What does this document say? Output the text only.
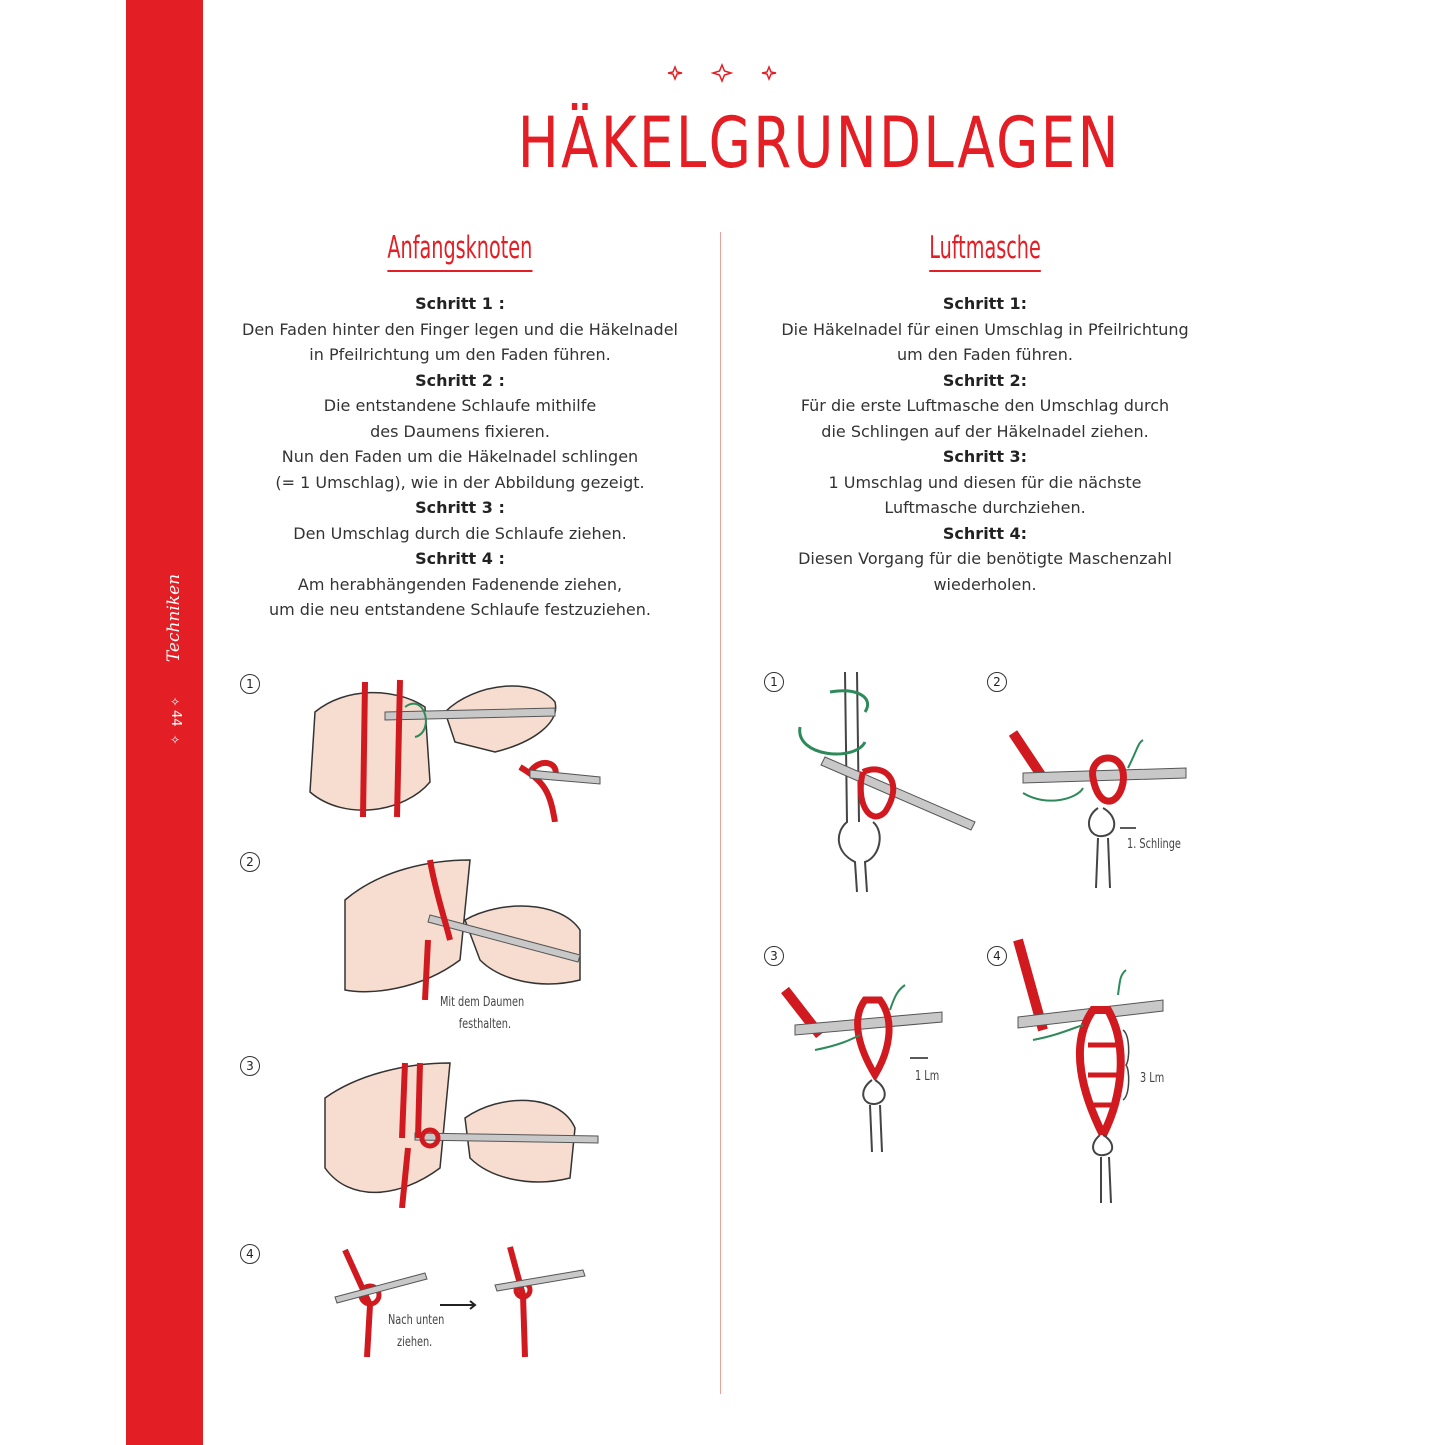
Techniken
✧
44
✧
HÄKELGRUNDLAGEN
Anfangsknoten
Schritt 1 :
Den Faden hinter den Finger legen und die Häkelnadel
in Pfeilrichtung um den Faden führen.
Schritt 2 :
Die entstandene Schlaufe mithilfe
des Daumens fixieren.
Nun den Faden um die Häkelnadel schlingen
(= 1 Umschlag), wie in der Abbildung gezeigt.
Schritt 3 :
Den Umschlag durch die Schlaufe ziehen.
Schritt 4 :
Am herabhängenden Fadenende ziehen,
um die neu entstandene Schlaufe festzuziehen.
Luftmasche
Schritt 1:
Die Häkelnadel für einen Umschlag in Pfeilrichtung
um den Faden führen.
Schritt 2:
Für die erste Luftmasche den Umschlag durch
die Schlingen auf der Häkelnadel ziehen.
Schritt 3:
1 Umschlag und diesen für die nächste
Luftmasche durchziehen.
Schritt 4:
Diesen Vorgang für die benötigte Maschenzahl
wiederholen.
1
2
Mit dem Daumen
festhalten.
3
4
Nach unten
ziehen.
1	2
1. Schlinge
3
1 Lm
4
3 Lm
